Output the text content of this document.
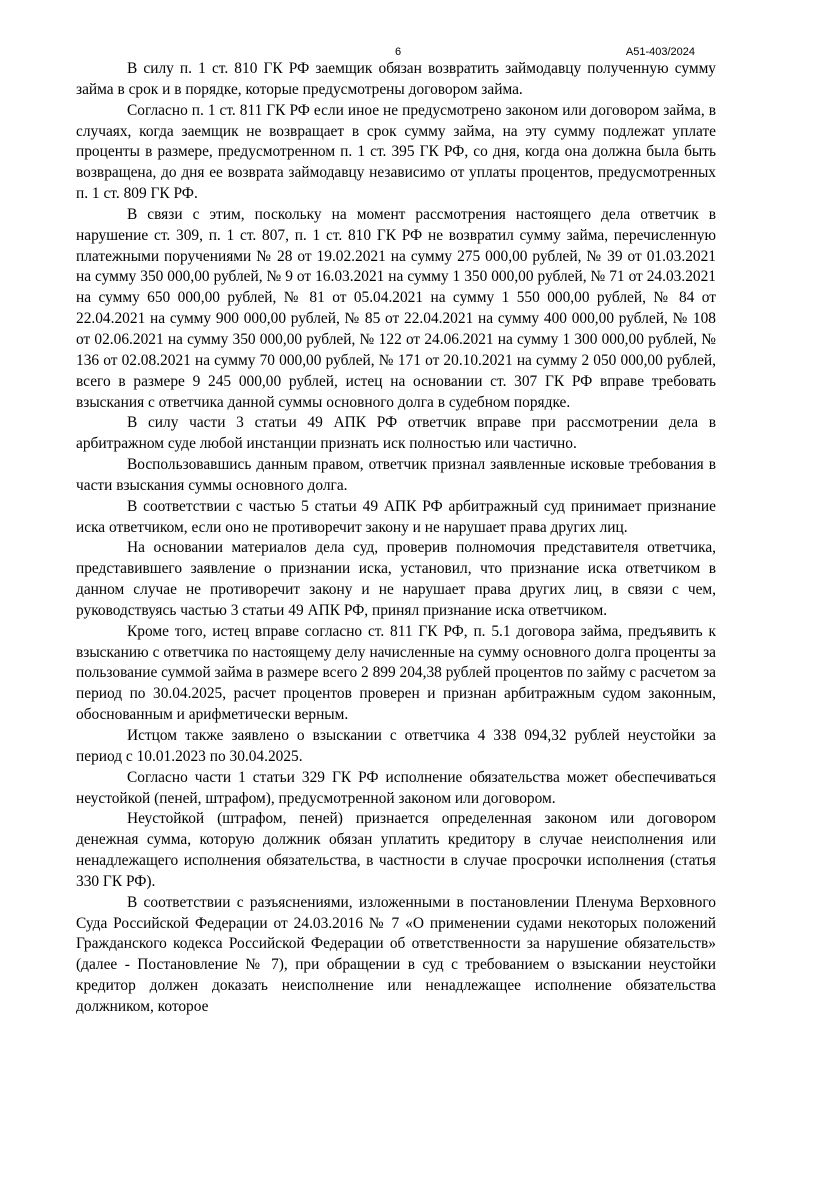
6	А51-403/2024

В силу п. 1 ст. 810 ГК РФ заемщик обязан возвратить займодавцу полученную сумму займа в срок и в порядке, которые предусмотрены договором займа.

Согласно п. 1 ст. 811 ГК РФ если иное не предусмотрено законом или договором займа, в случаях, когда заемщик не возвращает в срок сумму займа, на эту сумму подлежат уплате проценты в размере, предусмотренном п. 1 ст. 395 ГК РФ, со дня, когда она должна была быть возвращена, до дня ее возврата займодавцу независимо от уплаты процентов, предусмотренных п. 1 ст. 809 ГК РФ.

В связи с этим, поскольку на момент рассмотрения настоящего дела ответчик в нарушение ст. 309, п. 1 ст. 807, п. 1 ст. 810 ГК РФ не возвратил сумму займа, перечисленную платежными поручениями № 28 от 19.02.2021 на сумму 275 000,00 рублей, № 39 от 01.03.2021 на сумму 350 000,00 рублей, № 9 от 16.03.2021 на сумму 1 350 000,00 рублей, № 71 от 24.03.2021 на сумму 650 000,00 рублей, № 81 от 05.04.2021 на сумму 1 550 000,00 рублей, № 84 от 22.04.2021 на сумму 900 000,00 рублей, № 85 от 22.04.2021 на сумму 400 000,00 рублей, № 108 от 02.06.2021 на сумму 350 000,00 рублей, № 122 от 24.06.2021 на сумму 1 300 000,00 рублей, № 136 от 02.08.2021 на сумму 70 000,00 рублей, № 171 от 20.10.2021 на сумму 2 050 000,00 рублей, всего в размере 9 245 000,00 рублей, истец на основании ст. 307 ГК РФ вправе требовать взыскания с ответчика данной суммы основного долга в судебном порядке.

В силу части 3 статьи 49 АПК РФ ответчик вправе при рассмотрении дела в арбитражном суде любой инстанции признать иск полностью или частично.

Воспользовавшись данным правом, ответчик признал заявленные исковые требования в части взыскания суммы основного долга.

В соответствии с частью 5 статьи 49 АПК РФ арбитражный суд принимает признание иска ответчиком, если оно не противоречит закону и не нарушает права других лиц.

На основании материалов дела суд, проверив полномочия представителя ответчика, представившего заявление о признании иска, установил, что признание иска ответчиком в данном случае не противоречит закону и не нарушает права других лиц, в связи с чем, руководствуясь частью 3 статьи 49 АПК РФ, принял признание иска ответчиком.

Кроме того, истец вправе согласно ст. 811 ГК РФ, п. 5.1 договора займа, предъявить к взысканию с ответчика по настоящему делу начисленные на сумму основного долга проценты за пользование суммой займа в размере всего 2 899 204,38 рублей процентов по займу с расчетом за период по 30.04.2025, расчет процентов проверен и признан арбитражным судом законным, обоснованным и арифметически верным.

Истцом также заявлено о взыскании с ответчика 4 338 094,32 рублей неустойки за период с 10.01.2023 по 30.04.2025.

Согласно части 1 статьи 329 ГК РФ исполнение обязательства может обеспечиваться неустойкой (пеней, штрафом), предусмотренной законом или договором.

Неустойкой (штрафом, пеней) признается определенная законом или договором денежная сумма, которую должник обязан уплатить кредитору в случае неисполнения или ненадлежащего исполнения обязательства, в частности в случае просрочки исполнения (статья 330 ГК РФ).

В соответствии с разъяснениями, изложенными в постановлении Пленума Верховного Суда Российской Федерации от 24.03.2016 № 7 «О применении судами некоторых положений Гражданского кодекса Российской Федерации об ответственности за нарушение обязательств» (далее - Постановление № 7), при обращении в суд с требованием о взыскании неустойки кредитор должен доказать неисполнение или ненадлежащее исполнение обязательства должником, которое
